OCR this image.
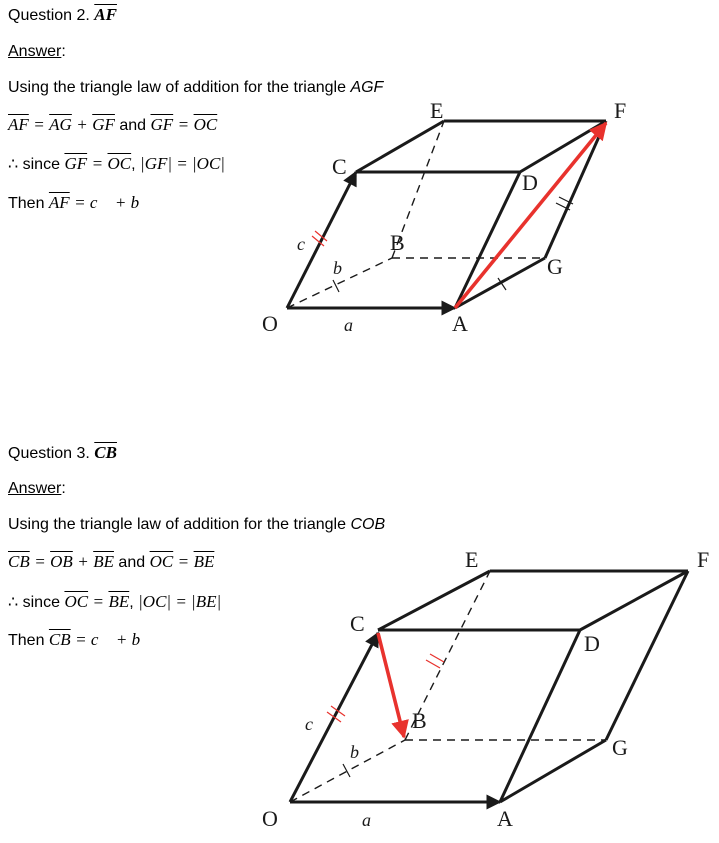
Question 2. $\overline{AF}$
Answer:
Using the triangle law of addition for the triangle AGF
$\overline{AF} = \overline{AG} + \overline{GF}$ and $\overline{GF} = \overline{OC}$
∴ since $\overline{GF} = \overline{OC}$, |GF| = |OC|
Then $\overline{AF}$ = c⃗ + b⃗
Question 3. $\overline{CB}$
Answer:
Using the triangle law of addition for the triangle COB
$\overline{CB} = \overline{OB} + \overline{BE}$ and $\overline{OC} = \overline{BE}$
∴ since $\overline{OC} = \overline{BE}$, |OC| = |BE|
Then $\overline{CB}$ = c⃗ + b⃗
E	F
C
D
B
G
O	A
a⃗
b⃗
c⃗
E	F
C
D
B
G
O	A
a⃗
b⃗
c⃗
